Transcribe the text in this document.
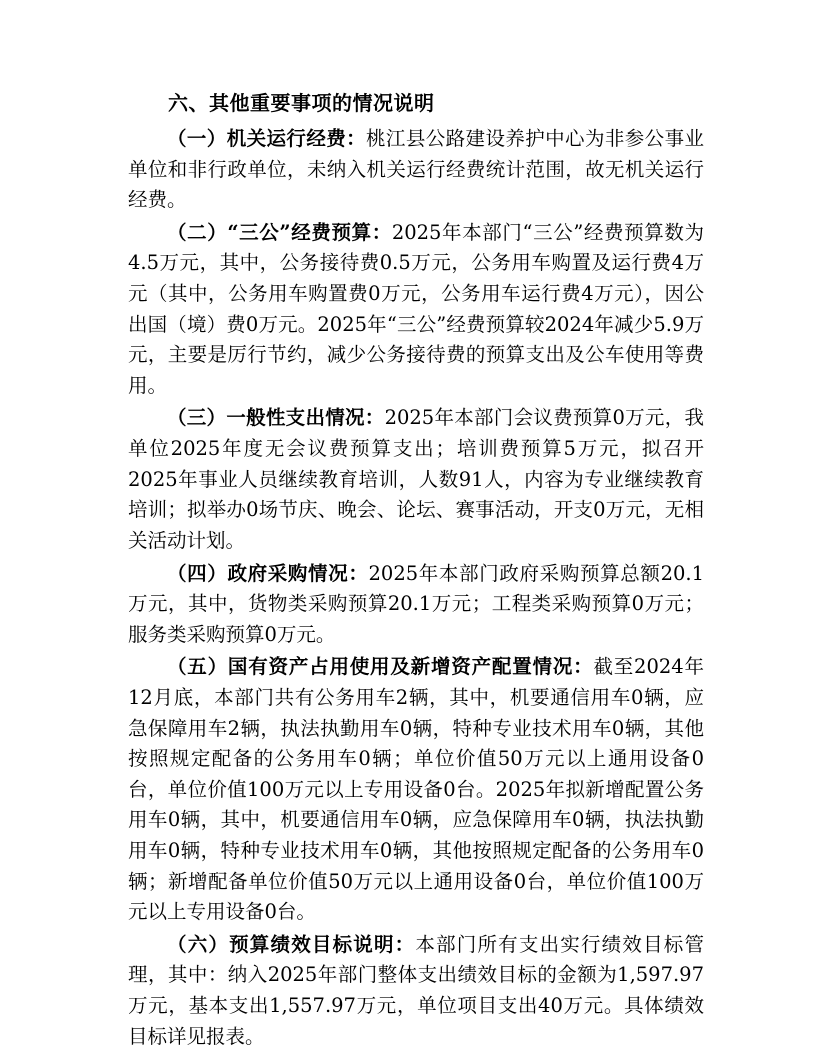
六、其他重要事项的情况说明

（一）机关运行经费：桃江县公路建设养护中心为非参公事业单位和非行政单位，未纳入机关运行经费统计范围，故无机关运行经费。

（二）“三公”经费预算：2025年本部门“三公”经费预算数为4.5万元，其中，公务接待费0.5万元，公务用车购置及运行费4万元（其中，公务用车购置费0万元，公务用车运行费4万元），因公出国（境）费0万元。2025年“三公”经费预算较2024年减少5.9万元，主要是厉行节约，减少公务接待费的预算支出及公车使用等费用。

（三）一般性支出情况：2025年本部门会议费预算0万元，我单位2025年度无会议费预算支出；培训费预算5万元，拟召开2025年事业人员继续教育培训，人数91人，内容为专业继续教育培训；拟举办0场节庆、晚会、论坛、赛事活动，开支0万元，无相关活动计划。

（四）政府采购情况：2025年本部门政府采购预算总额20.1万元，其中，货物类采购预算20.1万元；工程类采购预算0万元；服务类采购预算0万元。

（五）国有资产占用使用及新增资产配置情况：截至2024年12月底，本部门共有公务用车2辆，其中，机要通信用车0辆，应急保障用车2辆，执法执勤用车0辆，特种专业技术用车0辆，其他按照规定配备的公务用车0辆；单位价值50万元以上通用设备0台，单位价值100万元以上专用设备0台。2025年拟新增配置公务用车0辆，其中，机要通信用车0辆，应急保障用车0辆，执法执勤用车0辆，特种专业技术用车0辆，其他按照规定配备的公务用车0辆；新增配备单位价值50万元以上通用设备0台，单位价值100万元以上专用设备0台。

（六）预算绩效目标说明：本部门所有支出实行绩效目标管理，其中：纳入2025年部门整体支出绩效目标的金额为1,597.97万元，基本支出1,557.97万元，单位项目支出40万元。具体绩效目标详见报表。
